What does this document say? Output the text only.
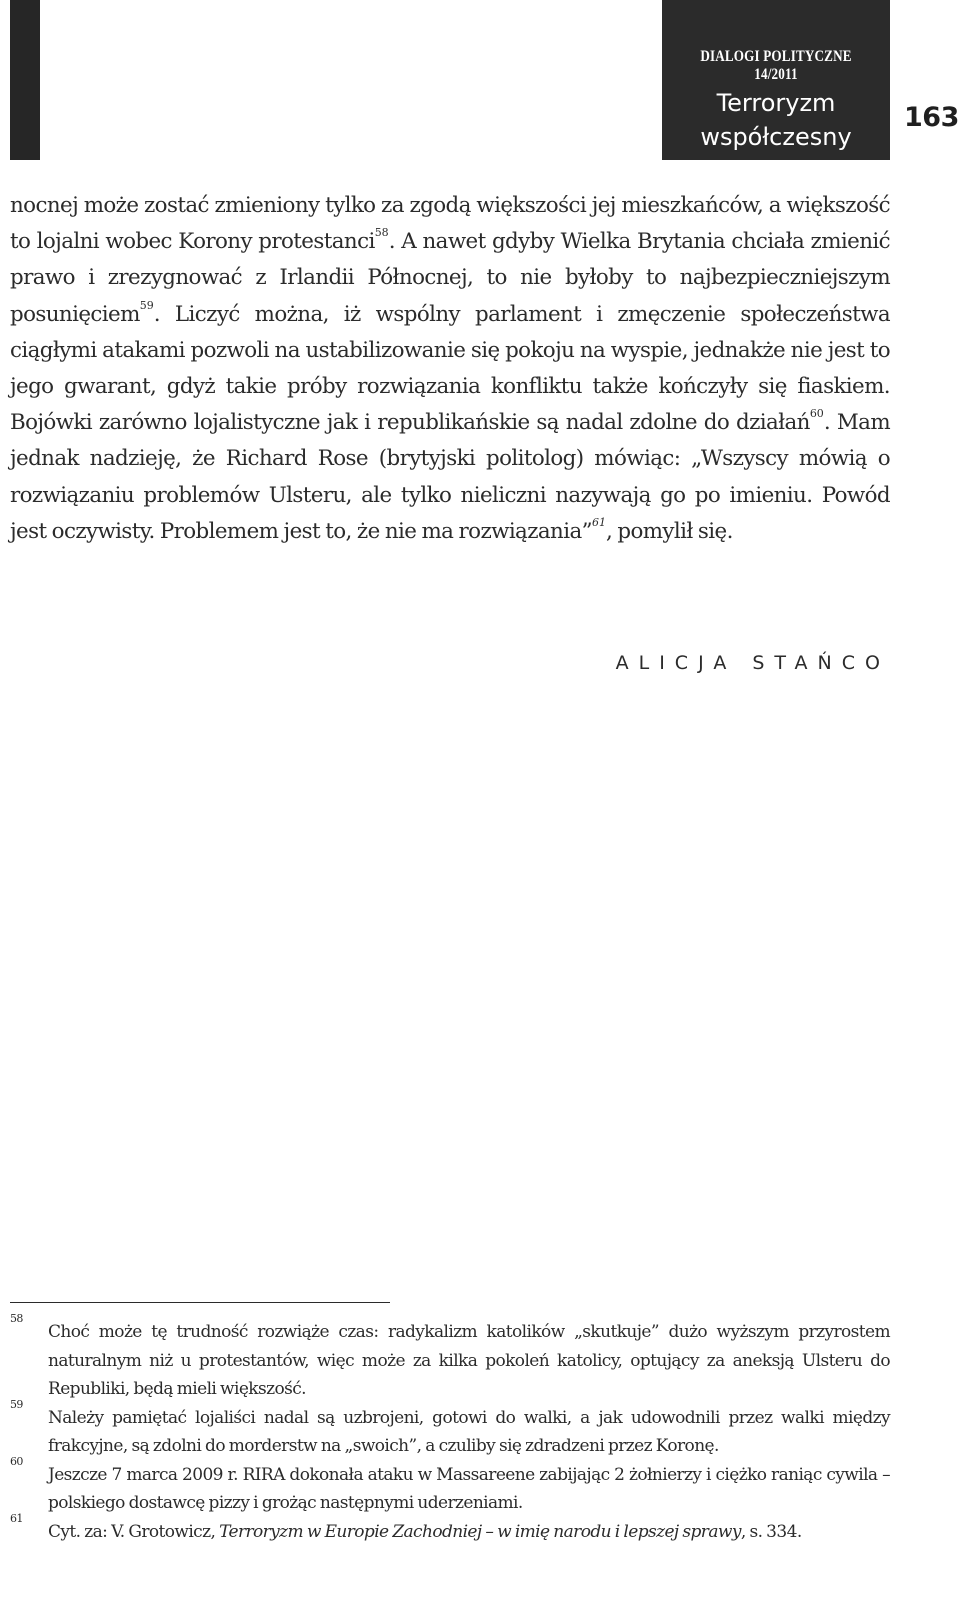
DIALOGI POLITYCZNE 14/2011
Terroryzm
współczesny
163

nocnej może zostać zmieniony tylko za zgodą większości jej mieszkańców, a większość to lojalni wobec Korony protestanci$^{58}$. A nawet gdyby Wielka Brytania chciała zmienić prawo i zrezygnować z Irlandii Północnej, to nie byłoby to najbezpieczniejszym posunięciem$^{59}$. Liczyć można, iż wspólny parlament i zmęczenie społeczeństwa ciągłymi atakami pozwoli na ustabilizowanie się pokoju na wyspie, jednakże nie jest to jego gwarant, gdyż takie próby rozwiązania konfliktu także kończyły się fiaskiem. Bojówki zarówno lojalistyczne jak i republikańskie są nadal zdolne do działań$^{60}$. Mam jednak nadzieję, że Richard Rose (brytyjski politolog) mówiąc: „Wszyscy mówią o rozwiązaniu problemów Ulsteru, ale tylko nieliczni nazywają go po imieniu. Powód jest oczywisty. Problemem jest to, że nie ma rozwiązania”$^{61}$, pomylił się.

ALICJA STAŃCO
58
Choć może tę trudność rozwiąże czas: radykalizm katolików „skutkuje” dużo wyższym przyrostem naturalnym niż u protestantów, więc może za kilka pokoleń katolicy, optujący za aneksją Ulsteru do Republiki, będą mieli większość.
59
Należy pamiętać lojaliści nadal są uzbrojeni, gotowi do walki, a jak udowodnili przez walki między frakcyjne, są zdolni do morderstw na „swoich”, a czuliby się zdradzeni przez Koronę.
60
Jeszcze 7 marca 2009 r. RIRA dokonała ataku w Massareene zabijając 2 żołnierzy i ciężko raniąc cywila – polskiego dostawcę pizzy i grożąc następnymi uderzeniami.
61
Cyt. za: V. Grotowicz, Terroryzm w Europie Zachodniej – w imię narodu i lepszej sprawy, s. 334.
